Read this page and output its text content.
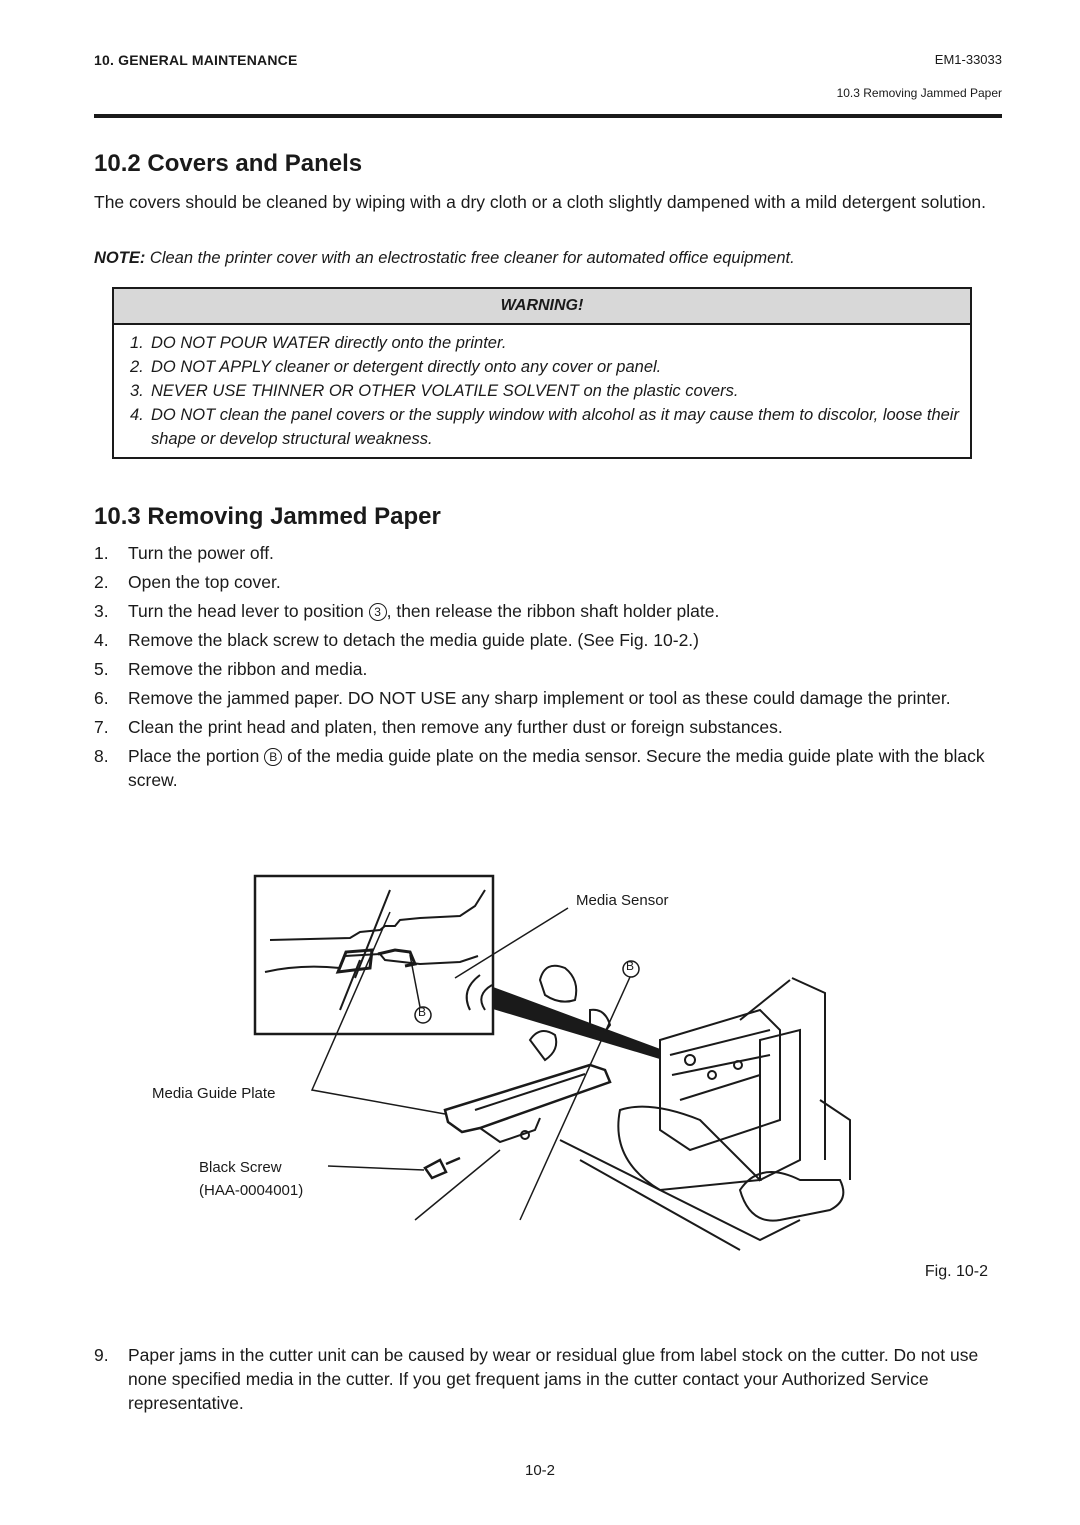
10. GENERAL MAINTENANCE	EM1-33033
10.3 Removing Jammed Paper
10.2 Covers and Panels
The covers should be cleaned by wiping with a dry cloth or a cloth slightly dampened with a mild detergent solution.
NOTE: Clean the printer cover with an electrostatic free cleaner for automated office equipment.
WARNING!
1. DO NOT POUR WATER directly onto the printer.
2. DO NOT APPLY cleaner or detergent directly onto any cover or panel.
3. NEVER USE THINNER OR OTHER VOLATILE SOLVENT on the plastic covers.
4. DO NOT clean the panel covers or the supply window with alcohol as it may cause them to discolor, loose their shape or develop structural weakness.
10.3 Removing Jammed Paper
1.	Turn the power off.
2.	Open the top cover.
3.	Turn the head lever to position 3 , then release the ribbon shaft holder plate.
4.	Remove the black screw to detach the media guide plate. (See Fig. 10-2.)
5.	Remove the ribbon and media.
6.	Remove the jammed paper. DO NOT USE any sharp implement or tool as these could damage the printer.
7.	Clean the print head and platen, then remove any further dust or foreign substances.
8.	Place the portion B of the media guide plate on the media sensor. Secure the media guide plate with the black screw.
Media Sensor
Media Guide Plate
Black Screw
(HAA-0004001)
B
B
Fig. 10-2
9.	Paper jams in the cutter unit can be caused by wear or residual glue from label stock on the cutter. Do not use none specified media in the cutter. If you get frequent jams in the cutter contact your Authorized Service representative.
10-2
